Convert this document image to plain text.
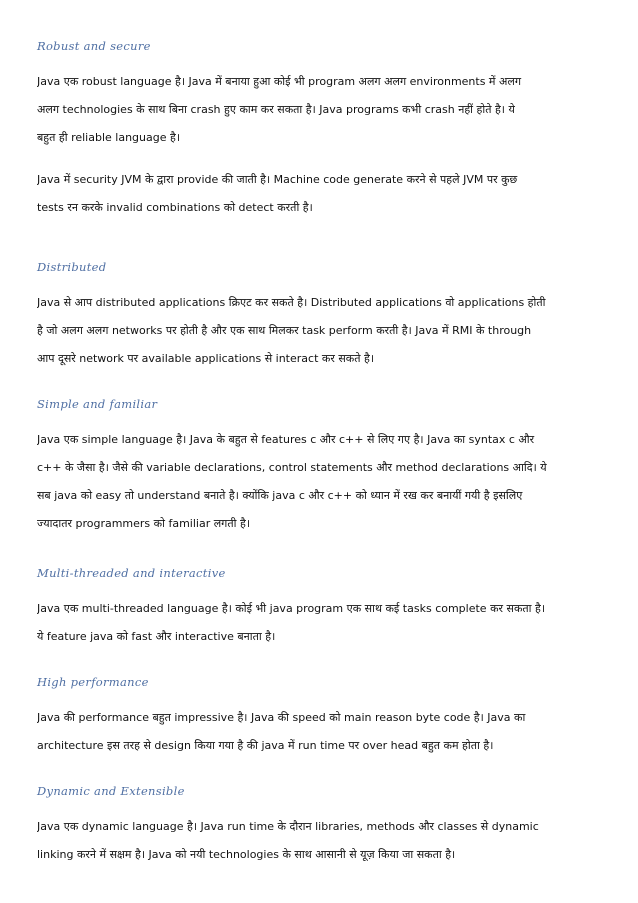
Robust and secure
Java एक robust language है। Java में बनाया हुआ कोई भी program अलग अलग environments में अलग
अलग technologies के साथ बिना crash हुए काम कर सकता है। Java programs कभी crash नहीं होते है। ये
बहुत ही reliable language है।
Java में security JVM के द्वारा provide की जाती है। Machine code generate करने से पहले JVM पर कुछ
tests रन करके invalid combinations को detect करती है।
Distributed
Java से आप distributed applications क्रिएट कर सकते है। Distributed applications वो applications होती
है जो अलग अलग networks पर होती है और एक साथ मिलकर task perform करती है। Java में RMI के through
आप दूसरे network पर available applications से interact कर सकते है।
Simple and familiar
Java एक simple language है। Java के बहुत से features c और c++ से लिए गए है। Java का syntax c और
c++ के जैसा है। जैसे की variable declarations, control statements और method declarations आदि। ये
सब java को easy तो understand बनाते है। क्योंकि java c और c++ को ध्यान में रख कर बनायीं गयी है इसलिए
ज्यादातर programmers को familiar लगती है।
Multi-threaded and interactive
Java एक multi-threaded language है। कोई भी java program एक साथ कई tasks complete कर सकता है।
ये feature java को fast और interactive बनाता है।
High performance
Java की performance बहुत impressive है। Java की speed को main reason byte code है। Java का
architecture इस तरह से design किया गया है की java में run time पर over head बहुत कम होता है।
Dynamic and Extensible
Java एक dynamic language है। Java run time के दौरान libraries, methods और classes से dynamic
linking करने में सक्षम है। Java को नयी technologies के साथ आसानी से यूज़ किया जा सकता है।
